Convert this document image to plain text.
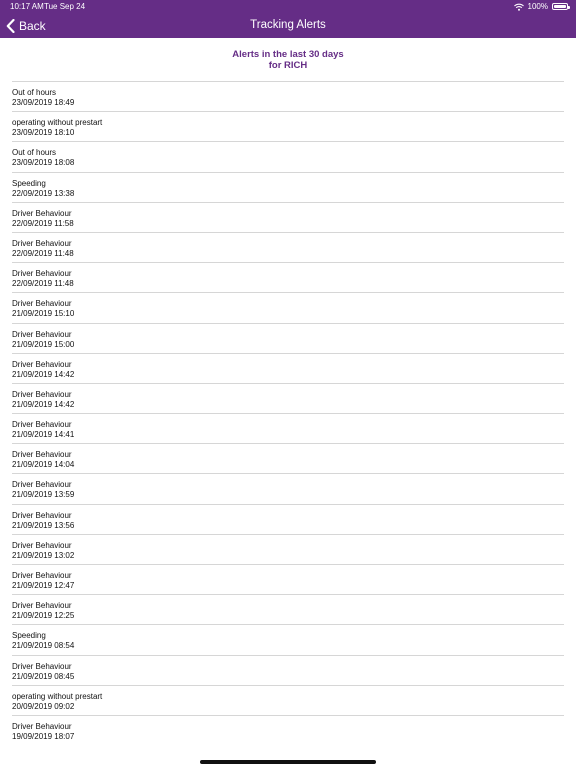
10:17 AM Tue Sep 24	100%
Tracking Alerts
Back
Alerts in the last 30 days
for RICH
Out of hours
23/09/2019 18:49
operating without prestart
23/09/2019 18:10
Out of hours
23/09/2019 18:08
Speeding
22/09/2019 13:38
Driver Behaviour
22/09/2019 11:58
Driver Behaviour
22/09/2019 11:48
Driver Behaviour
22/09/2019 11:48
Driver Behaviour
21/09/2019 15:10
Driver Behaviour
21/09/2019 15:00
Driver Behaviour
21/09/2019 14:42
Driver Behaviour
21/09/2019 14:42
Driver Behaviour
21/09/2019 14:41
Driver Behaviour
21/09/2019 14:04
Driver Behaviour
21/09/2019 13:59
Driver Behaviour
21/09/2019 13:56
Driver Behaviour
21/09/2019 13:02
Driver Behaviour
21/09/2019 12:47
Driver Behaviour
21/09/2019 12:25
Speeding
21/09/2019 08:54
Driver Behaviour
21/09/2019 08:45
operating without prestart
20/09/2019 09:02
Driver Behaviour
19/09/2019 18:07
